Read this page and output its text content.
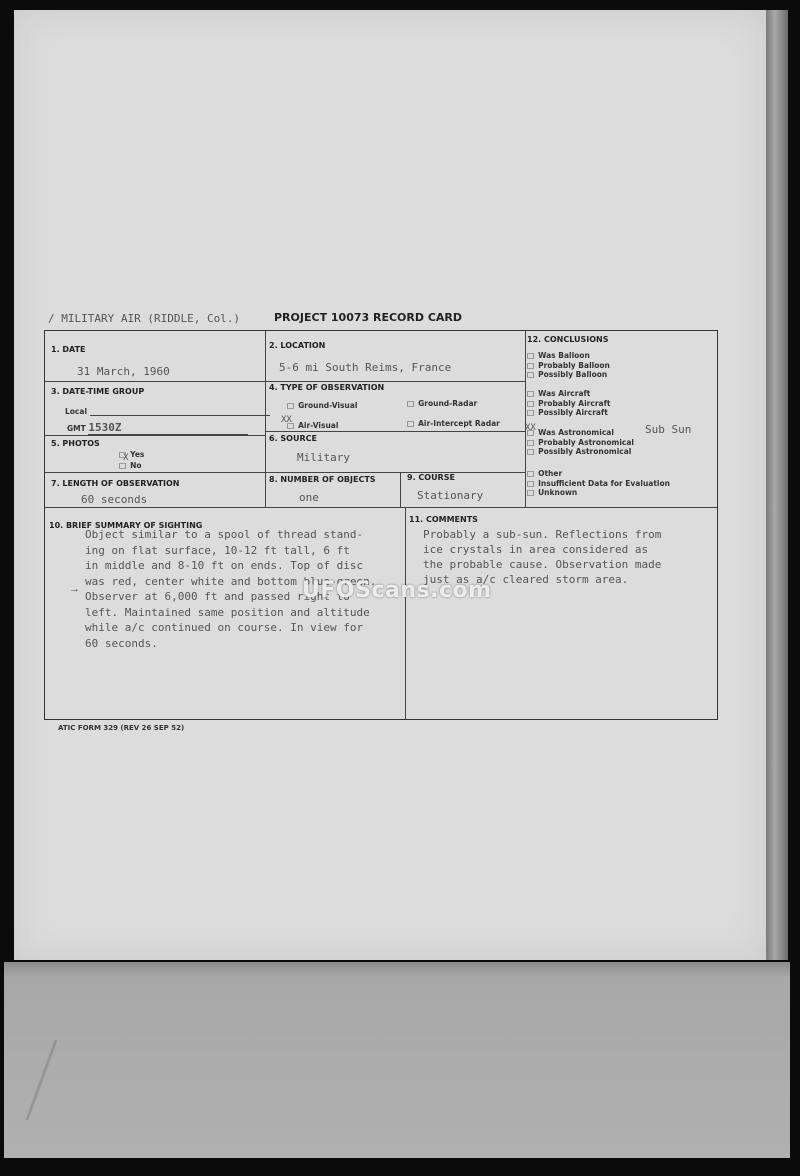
/ MILITARY AIR (RIDDLE, Col.)	PROJECT 10073 RECORD CARD
1. DATE
31 March, 1960
2. LOCATION
5-6 mi South Reims, France
3. DATE-TIME GROUP
Local
GMT 1530Z
4. TYPE OF OBSERVATION
□ Ground-Visual	□ Ground-Radar
XX
□ Air-Visual	□ Air-Intercept Radar
5. PHOTOS
□ Yes
X
□ No
6. SOURCE
Military
7. LENGTH OF OBSERVATION
60 seconds
8. NUMBER OF OBJECTS
one
9. COURSE
Stationary
12. CONCLUSIONS
□ Was Balloon
□ Probably Balloon
□ Possibly Balloon
□ Was Aircraft
□ Probably Aircraft
□ Possibly Aircraft
XX □ Was Astronomical
□ Probably Astronomical
□ Possibly Astronomical
Sub Sun
□ Other
□ Insufficient Data for Evaluation
□ Unknown
10. BRIEF SUMMARY OF SIGHTING
Object similar to a spool of thread stand-
ing on flat surface, 10-12 ft tall, 6 ft
in middle and 8-10 ft on ends. Top of disc
was red, center white and bottom blue-green.
Observer at 6,000 ft and passed right to
left. Maintained same position and altitude
while a/c continued on course. In view for
60 seconds.
→
11. COMMENTS
Probably a sub-sun. Reflections from
ice crystals in area considered as
the probable cause. Observation made
just as a/c cleared storm area.
UFOScans.com
ATIC FORM 329 (REV 26 SEP 52)
